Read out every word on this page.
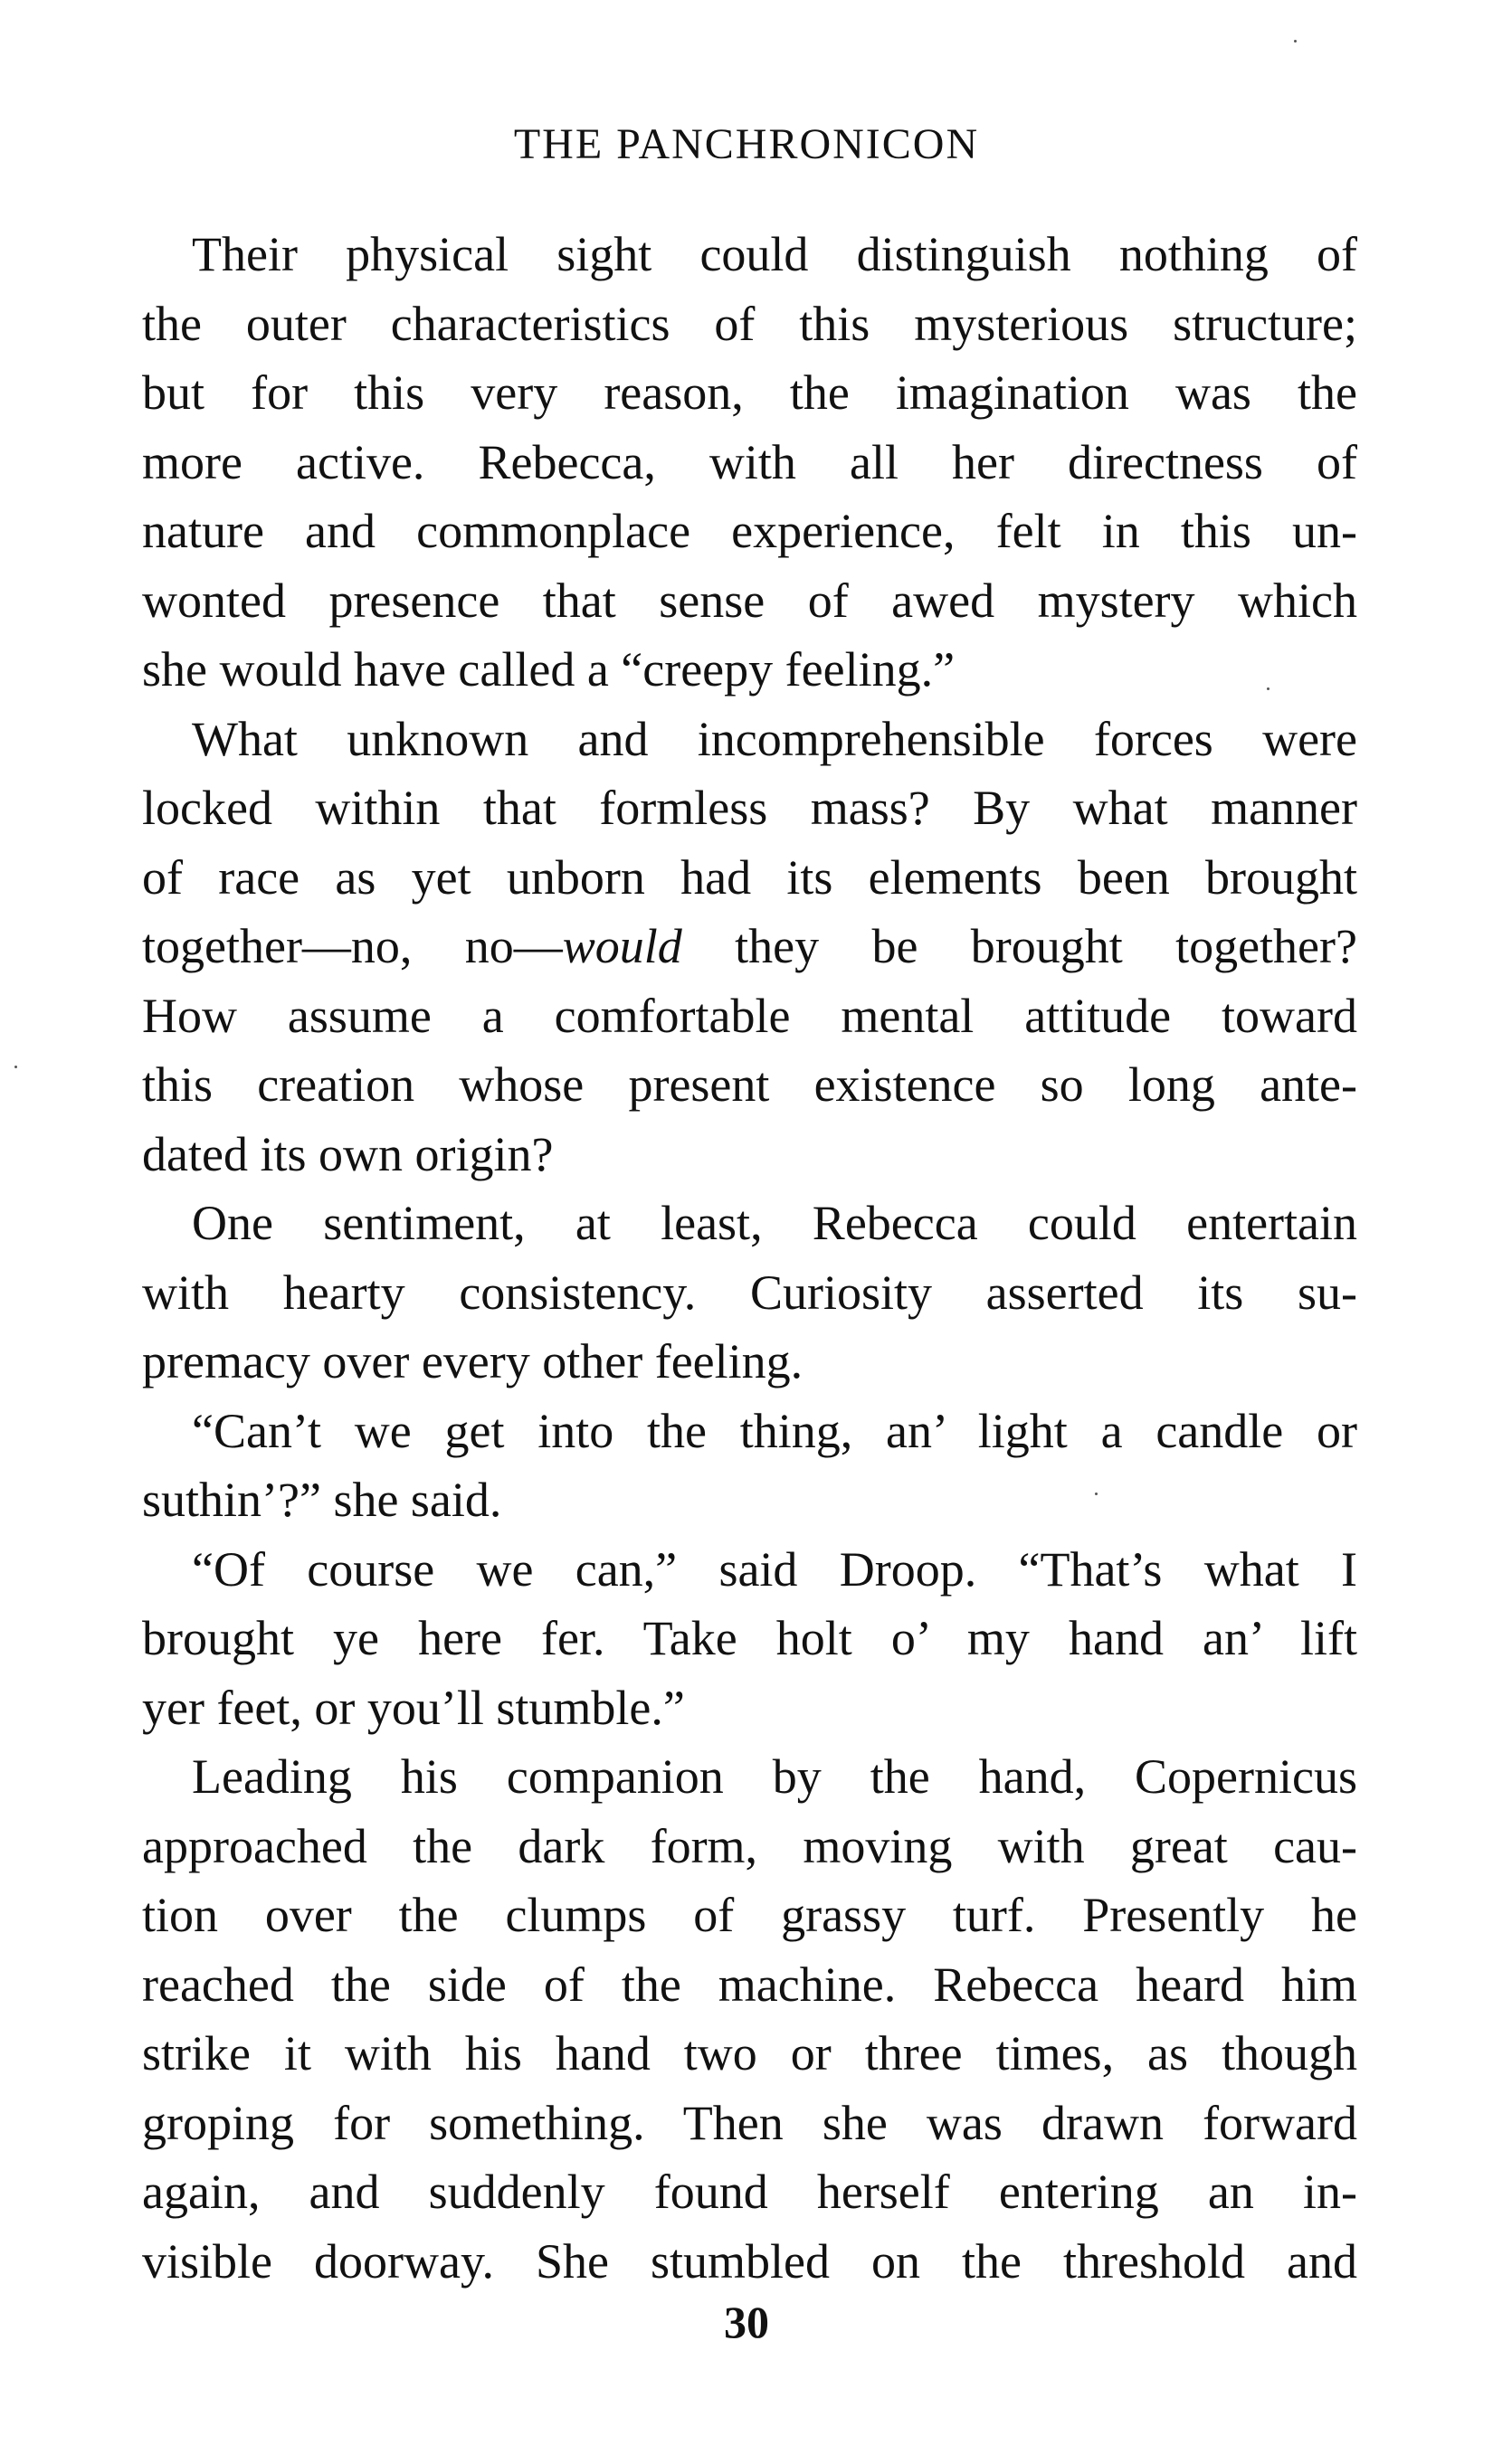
THE PANCHRONICON

Their physical sight could distinguish nothing of
the outer characteristics of this mysterious structure;
but for this very reason, the imagination was the
more active. Rebecca, with all her directness of
nature and commonplace experience, felt in this un-
wonted presence that sense of awed mystery which
she would have called a “creepy feeling.”

What unknown and incomprehensible forces were
locked within that formless mass? By what manner
of race as yet unborn had its elements been brought
together—no, no—would they be brought together?
How assume a comfortable mental attitude toward
this creation whose present existence so long ante-
dated its own origin?

One sentiment, at least, Rebecca could entertain
with hearty consistency. Curiosity asserted its su-
premacy over every other feeling.

“Can’t we get into the thing, an’ light a candle or
suthin’?” she said.

“Of course we can,” said Droop. “That’s what I
brought ye here fer. Take holt o’ my hand an’ lift
yer feet, or you’ll stumble.”

Leading his companion by the hand, Copernicus
approached the dark form, moving with great cau-
tion over the clumps of grassy turf. Presently he
reached the side of the machine. Rebecca heard him
strike it with his hand two or three times, as though
groping for something. Then she was drawn forward
again, and suddenly found herself entering an in-
visible doorway. She stumbled on the threshold and

30
